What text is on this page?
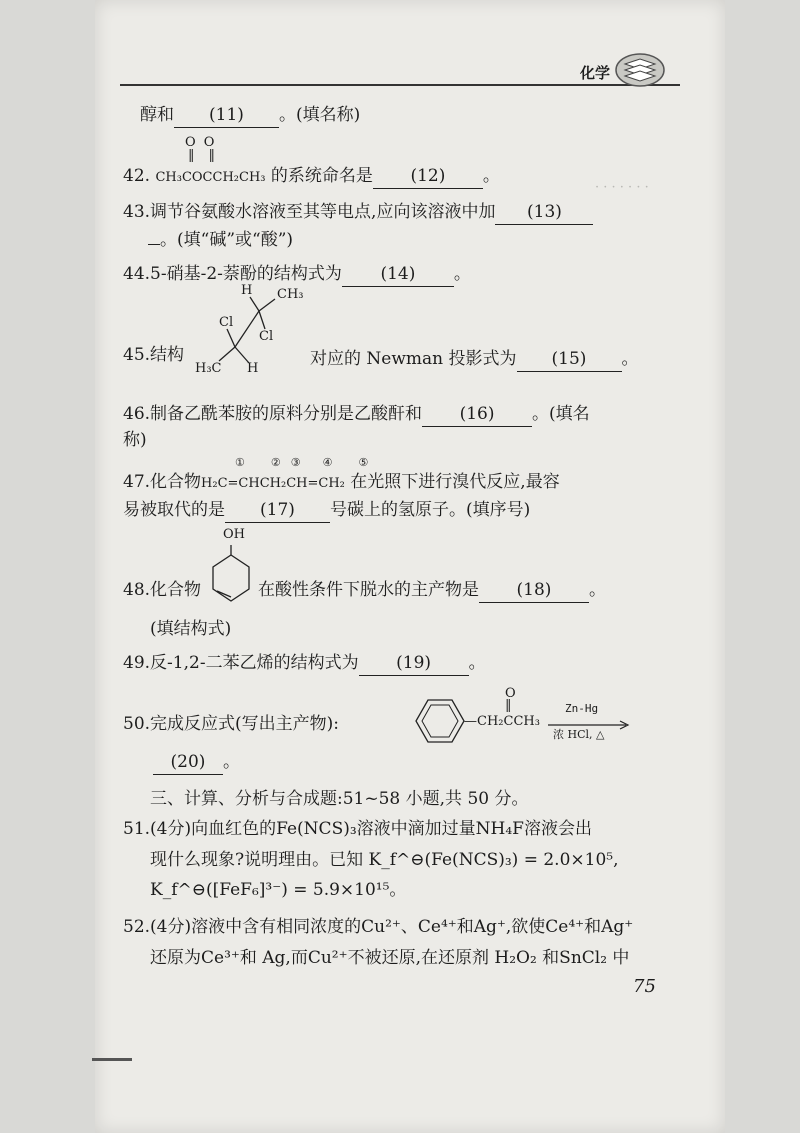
化学
· · · · · · ·
醇和 (11) 。(填名称)
O O
‖‖
42. CH₃COCCH₂CH₃ 的系统命名是 (12) 。
43.调节谷氨酸水溶液至其等电点,应向该溶液中加 (13)
。(填“碱”或“酸”)
44.5-硝基-2-萘酚的结构式为 (14) 。
H CH₃
Cl
Cl
H₃C H
45.结构	对应的 Newman 投影式为 (15) 。
46.制备乙酰苯胺的原料分别是乙酸酐和 (16) 。(填名
称)
① ② ③ ④ ⑤
47.化合物H₂C=CHCH₂CH=CH₂ 在光照下进行溴代反应,最容
易被取代的是 (17) 号碳上的氢原子。(填序号)
OH
48.化合物	在酸性条件下脱水的主产物是 (18) 。
(填结构式)
49.反-1,2-二苯乙烯的结构式为 (19) 。
50.完成反应式(写出主产物):
O
‖
—CH₂CCH₃
Zn-Hg
浓 HCl, △
(20) 。
三、计算、分析与合成题:51~58 小题,共 50 分。
51.(4分)向血红色的Fe(NCS)₃溶液中滴加过量NH₄F溶液会出
现什么现象?说明理由。已知 K_f^⊖(Fe(NCS)₃) = 2.0×10⁵,
K_f^⊖([FeF₆]³⁻) = 5.9×10¹⁵。
52.(4分)溶液中含有相同浓度的Cu²⁺、Ce⁴⁺和Ag⁺,欲使Ce⁴⁺和Ag⁺
还原为Ce³⁺和 Ag,而Cu²⁺不被还原,在还原剂 H₂O₂ 和SnCl₂ 中
75
